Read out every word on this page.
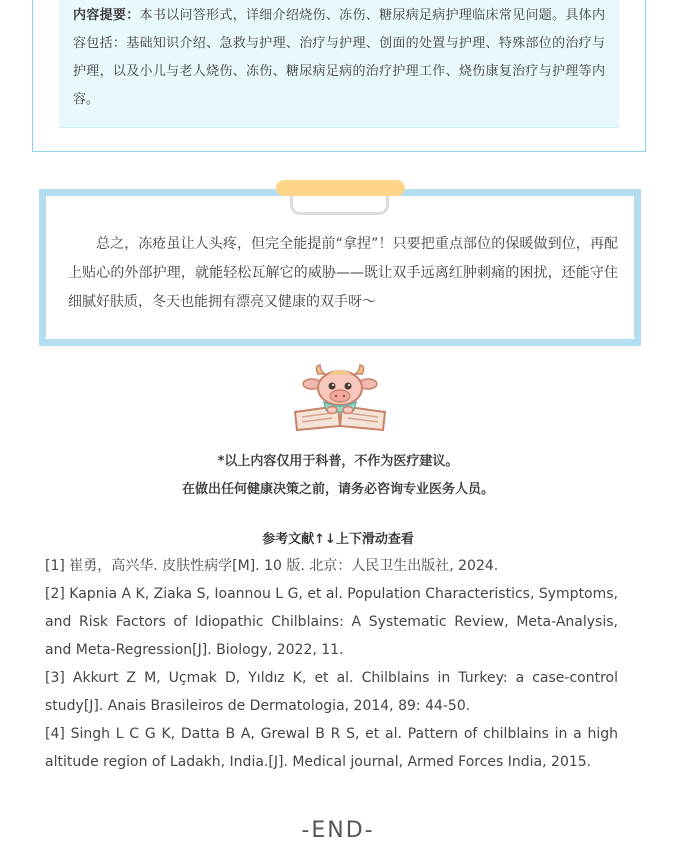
内容提要：本书以问答形式，详细介绍烧伤、冻伤、糖尿病足病护理临床常见问题。具体内容包括：基础知识介绍、急救与护理、治疗与护理、创面的处置与护理、特殊部位的治疗与护理，以及小儿与老人烧伤、冻伤、糖尿病足病的治疗护理工作、烧伤康复治疗与护理等内容。

总之，冻疮虽让人头疼，但完全能提前“拿捏”！只要把重点部位的保暖做到位，再配上贴心的外部护理，就能轻松瓦解它的威胁——既让双手远离红肿刺痛的困扰，还能守住细腻好肤质，冬天也能拥有漂亮又健康的双手呀～

*以上内容仅用于科普，不作为医疗建议。
在做出任何健康决策之前，请务必咨询专业医务人员。
参考文献↑↓上下滑动查看

[1] 崔勇，高兴华. 皮肤性病学[M]. 10 版. 北京：人民卫生出版社, 2024.

[2] Kapnia A K, Ziaka S, Ioannou L G, et al. Population Characteristics, Symptoms, and Risk Factors of Idiopathic Chilblains: A Systematic Review, Meta-Analysis, and Meta-Regression[J]. Biology, 2022, 11.

[3] Akkurt Z M, Uçmak D, Yıldız K, et al. Chilblains in Turkey: a case-control study[J]. Anais Brasileiros de Dermatologia, 2014, 89: 44-50.

[4] Singh L C G K, Datta B A, Grewal B R S, et al. Pattern of chilblains in a high altitude region of Ladakh, India.[J]. Medical journal, Armed Forces India, 2015.

-END-
